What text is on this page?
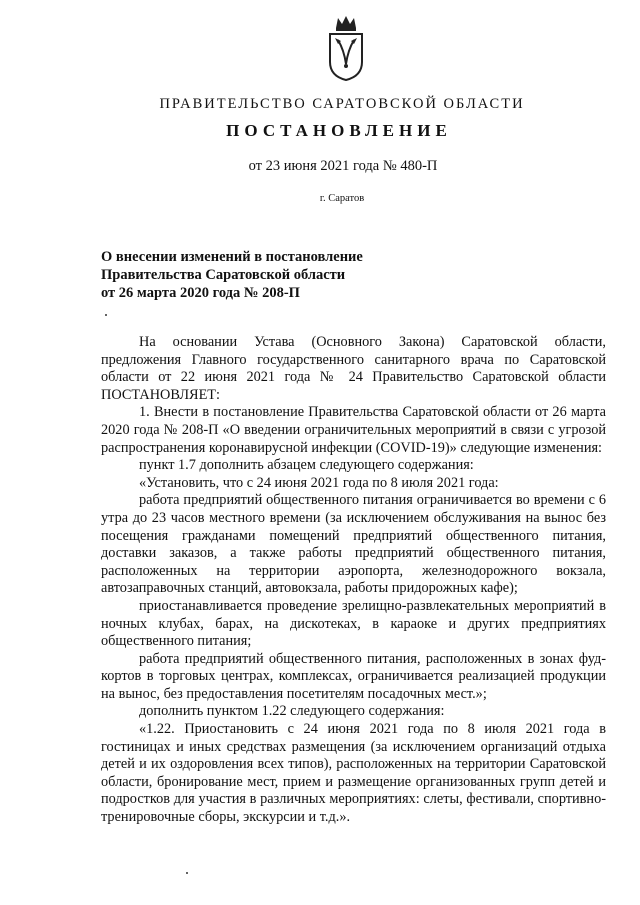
ПРАВИТЕЛЬСТВО САРАТОВСКОЙ ОБЛАСТИ
ПОСТАНОВЛЕНИЕ
от 23 июня 2021 года № 480-П
г. Саратов
О внесении изменений в постановление
Правительства Саратовской области
от 26 марта 2020 года № 208-П

На основании Устава (Основного Закона) Саратовской области, предложения Главного государственного санитарного врача по Саратовской области от 22 июня 2021 года № 24 Правительство Саратовской области ПОСТАНОВЛЯЕТ:

1. Внести в постановление Правительства Саратовской области от 26 марта 2020 года № 208-П «О введении ограничительных мероприятий в связи с угрозой распространения коронавирусной инфекции (COVID-19)» следующие изменения:

пункт 1.7 дополнить абзацем следующего содержания:

«Установить, что с 24 июня 2021 года по 8 июля 2021 года:

работа предприятий общественного питания ограничивается во времени с 6 утра до 23 часов местного времени (за исключением обслуживания на вынос без посещения гражданами помещений предприятий общественного питания, доставки заказов, а также работы предприятий общественного питания, расположенных на территории аэропорта, железнодорожного вокзала, автозаправочных станций, автовокзала, работы придорожных кафе);

приостанавливается проведение зрелищно-развлекательных мероприятий в ночных клубах, барах, на дискотеках, в караоке и других предприятиях общественного питания;

работа предприятий общественного питания, расположенных в зонах фуд-кортов в торговых центрах, комплексах, ограничивается реализацией продукции на вынос, без предоставления посетителям посадочных мест.»;

дополнить пунктом 1.22 следующего содержания:

«1.22. Приостановить с 24 июня 2021 года по 8 июля 2021 года в гостиницах и иных средствах размещения (за исключением организаций отдыха детей и их оздоровления всех типов), расположенных на территории Саратовской области, бронирование мест, прием и размещение организованных групп детей и подростков для участия в различных мероприятиях: слеты, фестивали, спортивно-тренировочные сборы, экскурсии и т.д.».
